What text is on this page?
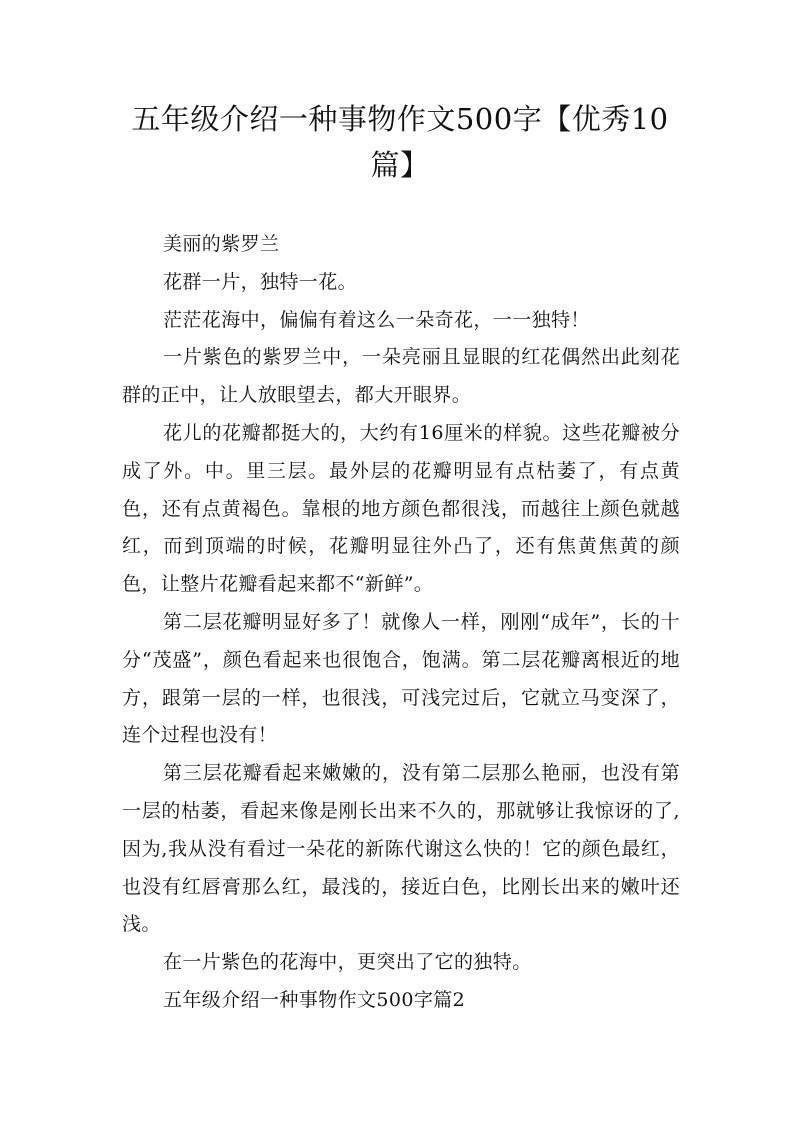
五年级介绍一种事物作文500字【优秀10篇】

美丽的紫罗兰

花群一片，独特一花。

茫茫花海中，偏偏有着这么一朵奇花，一一独特！

一片紫色的紫罗兰中，一朵亮丽且显眼的红花偶然出此刻花群的正中，让人放眼望去，都大开眼界。

花儿的花瓣都挺大的，大约有16厘米的样貌。这些花瓣被分成了外。中。里三层。最外层的花瓣明显有点枯萎了，有点黄色，还有点黄褐色。靠根的地方颜色都很浅，而越往上颜色就越红，而到顶端的时候，花瓣明显往外凸了，还有焦黄焦黄的颜色，让整片花瓣看起来都不“新鲜”。

第二层花瓣明显好多了！就像人一样，刚刚“成年”，长的十分“茂盛”，颜色看起来也很饱合，饱满。第二层花瓣离根近的地方，跟第一层的一样，也很浅，可浅完过后，它就立马变深了，连个过程也没有！

第三层花瓣看起来嫩嫩的，没有第二层那么艳丽，也没有第一层的枯萎，看起来像是刚长出来不久的，那就够让我惊讶的了,因为,我从没有看过一朵花的新陈代谢这么快的！它的颜色最红，也没有红唇膏那么红，最浅的，接近白色，比刚长出来的嫩叶还浅。

在一片紫色的花海中，更突出了它的独特。

五年级介绍一种事物作文500字篇2
